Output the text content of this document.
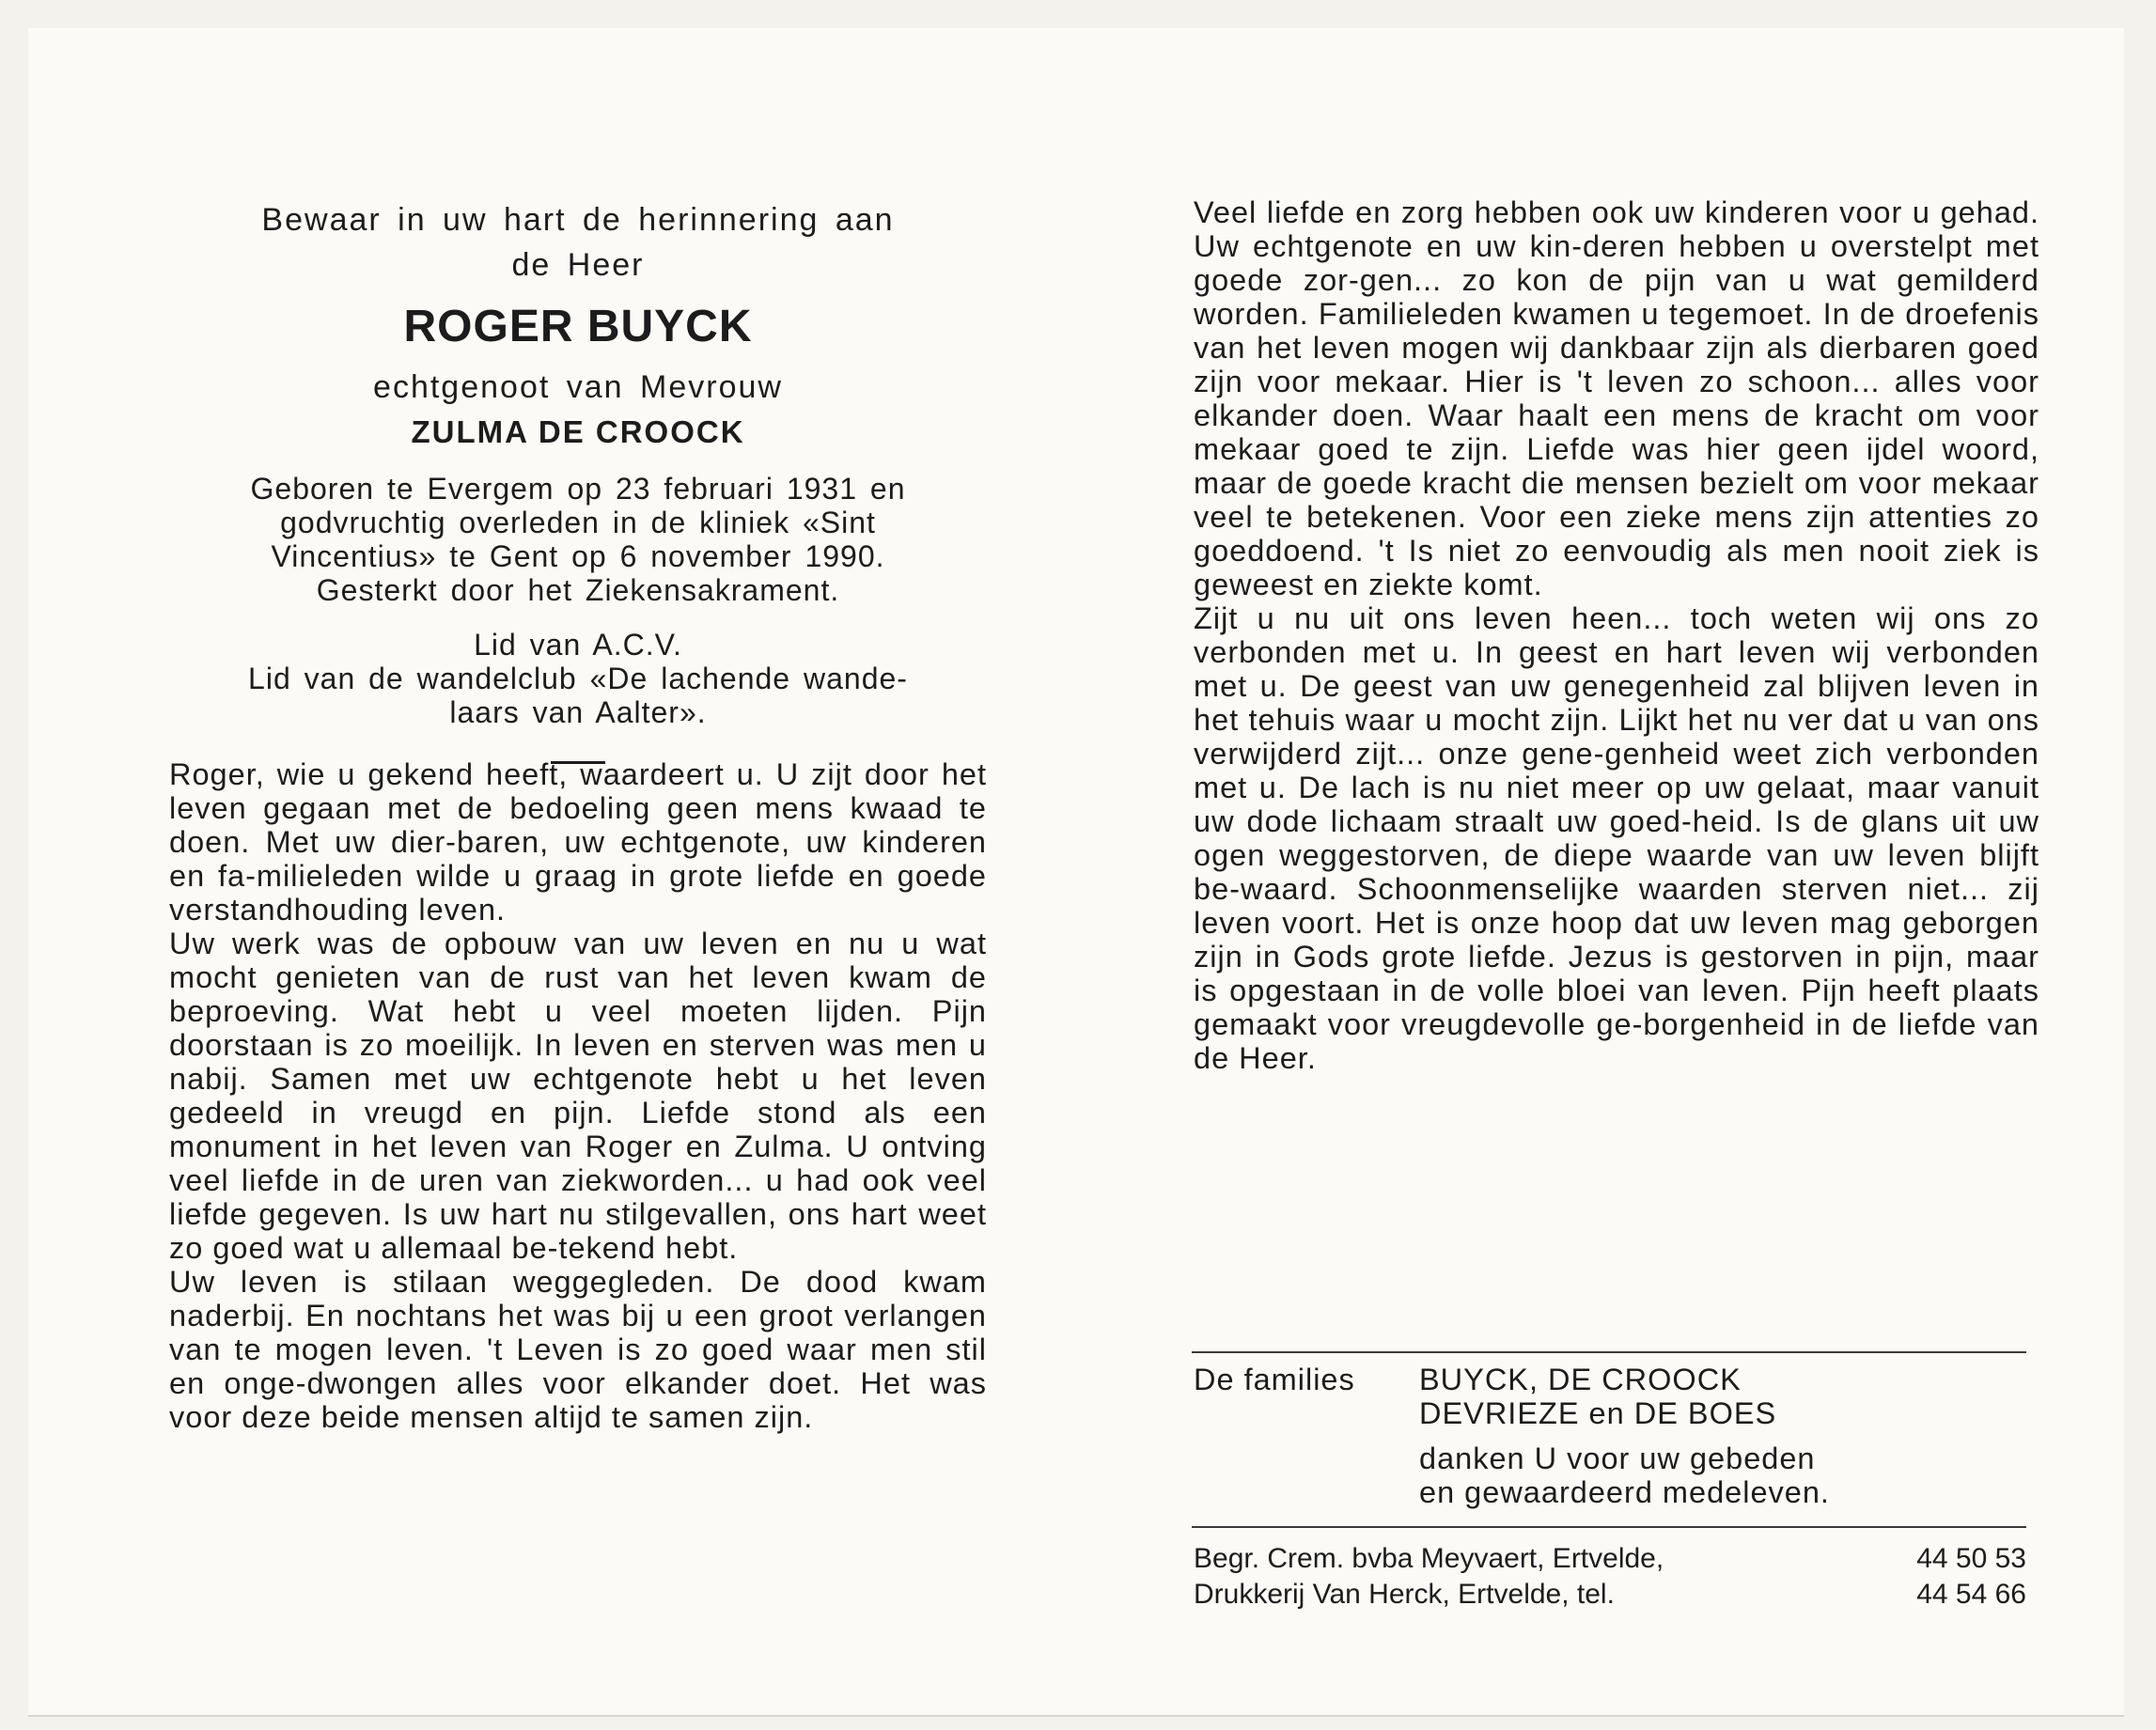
Bewaar in uw hart de herinnering aan
de Heer
ROGER BUYCK
echtgenoot van Mevrouw
ZULMA DE CROOCK
Geboren te Evergem op 23 februari 1931 en
godvruchtig overleden in de kliniek «Sint
Vincentius» te Gent op 6 november 1990.
Gesterkt door het Ziekensakrament.
Lid van A.C.V.
Lid van de wandelclub «De lachende wande-
laars van Aalter».
Roger, wie u gekend heeft, waardeert u. U zijt door het leven gegaan met de bedoeling geen mens kwaad te doen. Met uw dier-baren, uw echtgenote, uw kinderen en fa-milieleden wilde u graag in grote liefde en goede verstandhouding leven.
Uw werk was de opbouw van uw leven en nu u wat mocht genieten van de rust van het leven kwam de beproeving. Wat hebt u veel moeten lijden. Pijn doorstaan is zo moeilijk. In leven en sterven was men u nabij. Samen met uw echtgenote hebt u het leven gedeeld in vreugd en pijn. Liefde stond als een monument in het leven van Roger en Zulma. U ontving veel liefde in de uren van ziekworden... u had ook veel liefde gegeven. Is uw hart nu stilgevallen, ons hart weet zo goed wat u allemaal be-tekend hebt.
Uw leven is stilaan weggegleden. De dood kwam naderbij. En nochtans het was bij u een groot verlangen van te mogen leven. 't Leven is zo goed waar men stil en onge-dwongen alles voor elkander doet. Het was voor deze beide mensen altijd te samen zijn.
Veel liefde en zorg hebben ook uw kinderen voor u gehad. Uw echtgenote en uw kin-deren hebben u overstelpt met goede zor-gen... zo kon de pijn van u wat gemilderd worden. Familieleden kwamen u tegemoet. In de droefenis van het leven mogen wij dankbaar zijn als dierbaren goed zijn voor mekaar. Hier is 't leven zo schoon... alles voor elkander doen. Waar haalt een mens de kracht om voor mekaar goed te zijn. Liefde was hier geen ijdel woord, maar de goede kracht die mensen bezielt om voor mekaar veel te betekenen. Voor een zieke mens zijn attenties zo goeddoend. 't Is niet zo eenvoudig als men nooit ziek is geweest en ziekte komt.
Zijt u nu uit ons leven heen... toch weten wij ons zo verbonden met u. In geest en hart leven wij verbonden met u. De geest van uw genegenheid zal blijven leven in het tehuis waar u mocht zijn. Lijkt het nu ver dat u van ons verwijderd zijt... onze gene-genheid weet zich verbonden met u. De lach is nu niet meer op uw gelaat, maar vanuit uw dode lichaam straalt uw goed-heid. Is de glans uit uw ogen weggestorven, de diepe waarde van uw leven blijft be-waard. Schoonmenselijke waarden sterven niet... zij leven voort. Het is onze hoop dat uw leven mag geborgen zijn in Gods grote liefde. Jezus is gestorven in pijn, maar is opgestaan in de volle bloei van leven. Pijn heeft plaats gemaakt voor vreugdevolle ge-borgenheid in de liefde van de Heer.
De families	BUYCK, DE CROOCK
DEVRIEZE en DE BOES
danken U voor uw gebeden
en gewaardeerd medeleven.
Begr. Crem. bvba Meyvaert, Ertvelde,	44 50 53
Drukkerij Van Herck, Ertvelde, tel.	44 54 66
